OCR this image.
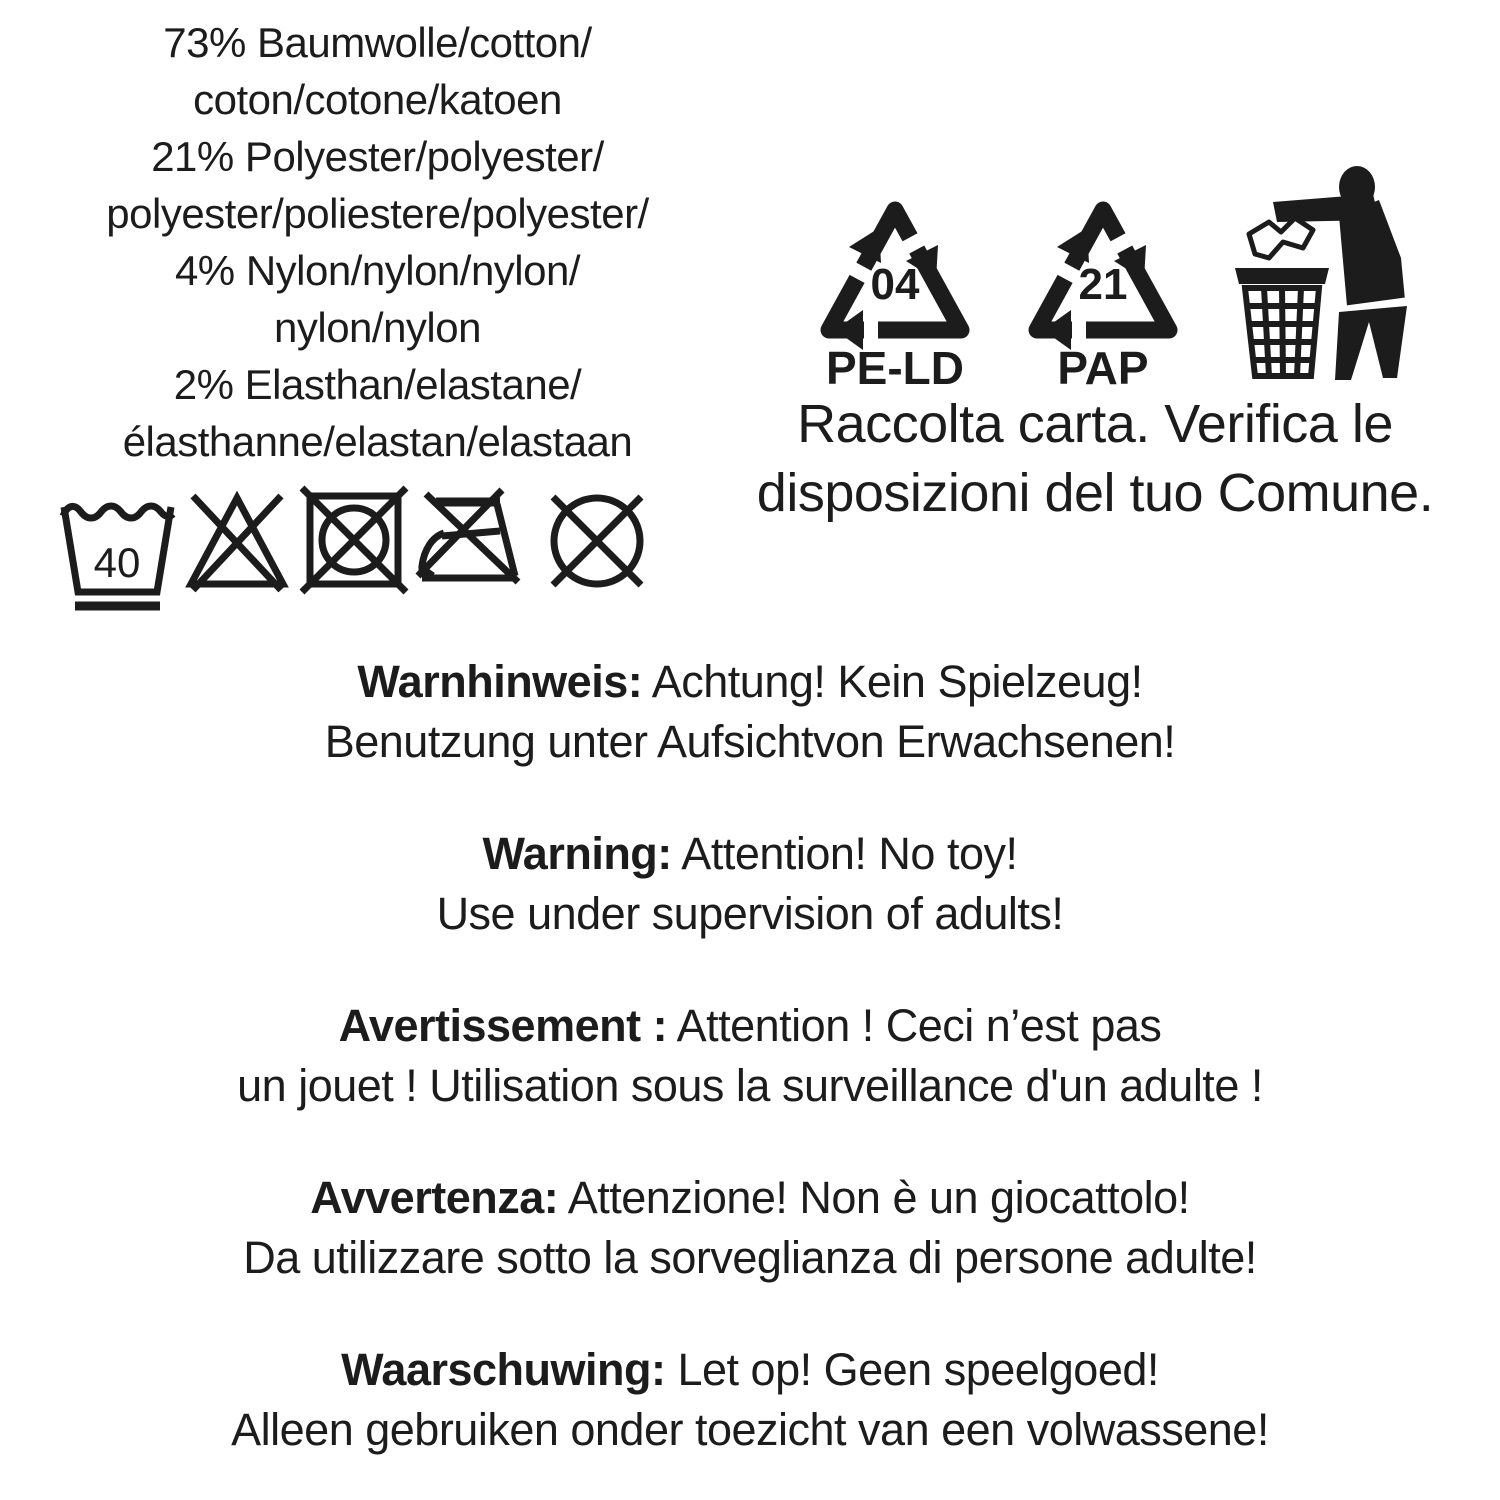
73% Baumwolle/cotton/
coton/cotone/katoen
21% Polyester/polyester/
polyester/poliestere/polyester/
4% Nylon/nylon/nylon/
nylon/nylon
2% Elasthan/elastane/
élasthanne/elastan/elastaan
40
04
PE-LD
21
PAP
Raccolta carta. Verifica le
disposizioni del tuo Comune.

Warnhinweis: Achtung! Kein Spielzeug!
Benutzung unter Aufsichtvon Erwachsenen!

Warning: Attention! No toy!
Use under supervision of adults!

Avertissement : Attention ! Ceci n’est pas
un jouet ! Utilisation sous la surveillance d'un adulte !

Avvertenza: Attenzione! Non è un giocattolo!
Da utilizzare sotto la sorveglianza di persone adulte!

Waarschuwing: Let op! Geen speelgoed!
Alleen gebruiken onder toezicht van een volwassene!
